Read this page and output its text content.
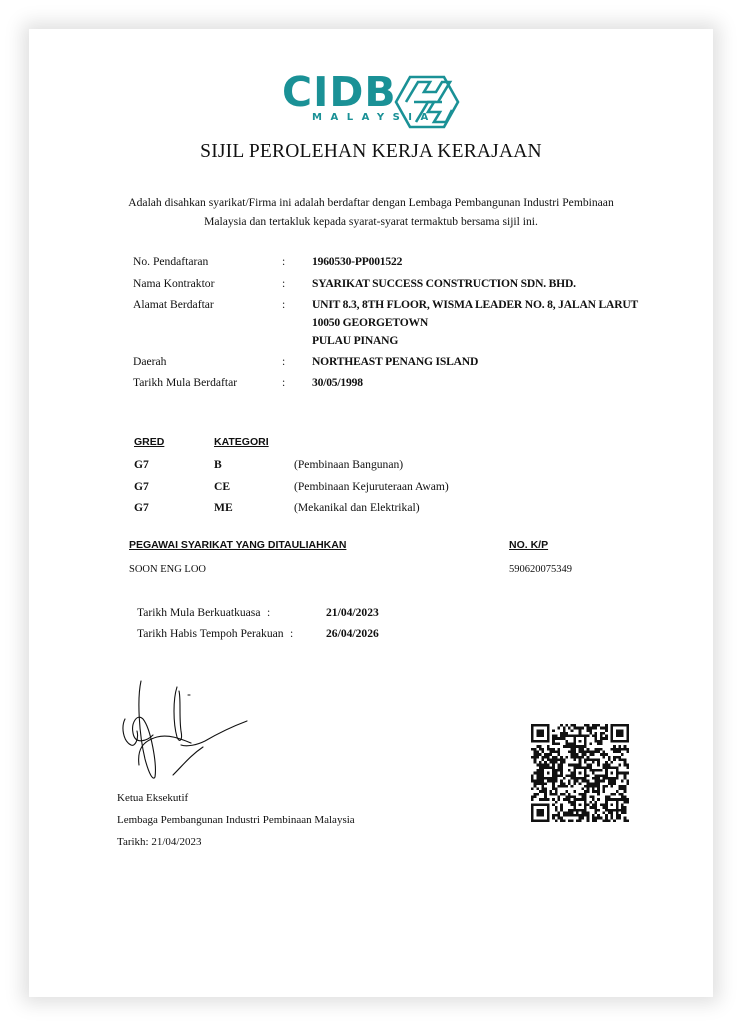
CIDB
MALAYSIA
SIJIL PEROLEHAN KERJA KERAJAAN
Adalah disahkan syarikat/Firma ini adalah berdaftar dengan Lembaga Pembangunan Industri Pembinaan
Malaysia dan tertakluk kepada syarat-syarat termaktub bersama sijil ini.
No. Pendaftaran	: 1960530-PP001522
Nama Kontraktor	: SYARIKAT SUCCESS CONSTRUCTION SDN. BHD.
Alamat Berdaftar	: UNIT 8.3, 8TH FLOOR, WISMA LEADER NO. 8, JALAN LARUT
10050 GEORGETOWN
PULAU PINANG
Daerah	: NORTHEAST PENANG ISLAND
Tarikh Mula Berdaftar	: 30/05/1998
GRED	KATEGORI
G7	B	(Pembinaan Bangunan)
G7	CE	(Pembinaan Kejuruteraan Awam)
G7	ME	(Mekanikal dan Elektrikal)
PEGAWAI SYARIKAT YANG DITAULIAHKAN	NO. K/P
SOON ENG LOO	590620075349
Tarikh Mula Berkuatkuasa :	21/04/2023
Tarikh Habis Tempoh Perakuan :	26/04/2026
Ketua Eksekutif
Lembaga Pembangunan Industri Pembinaan Malaysia
Tarikh: 21/04/2023
